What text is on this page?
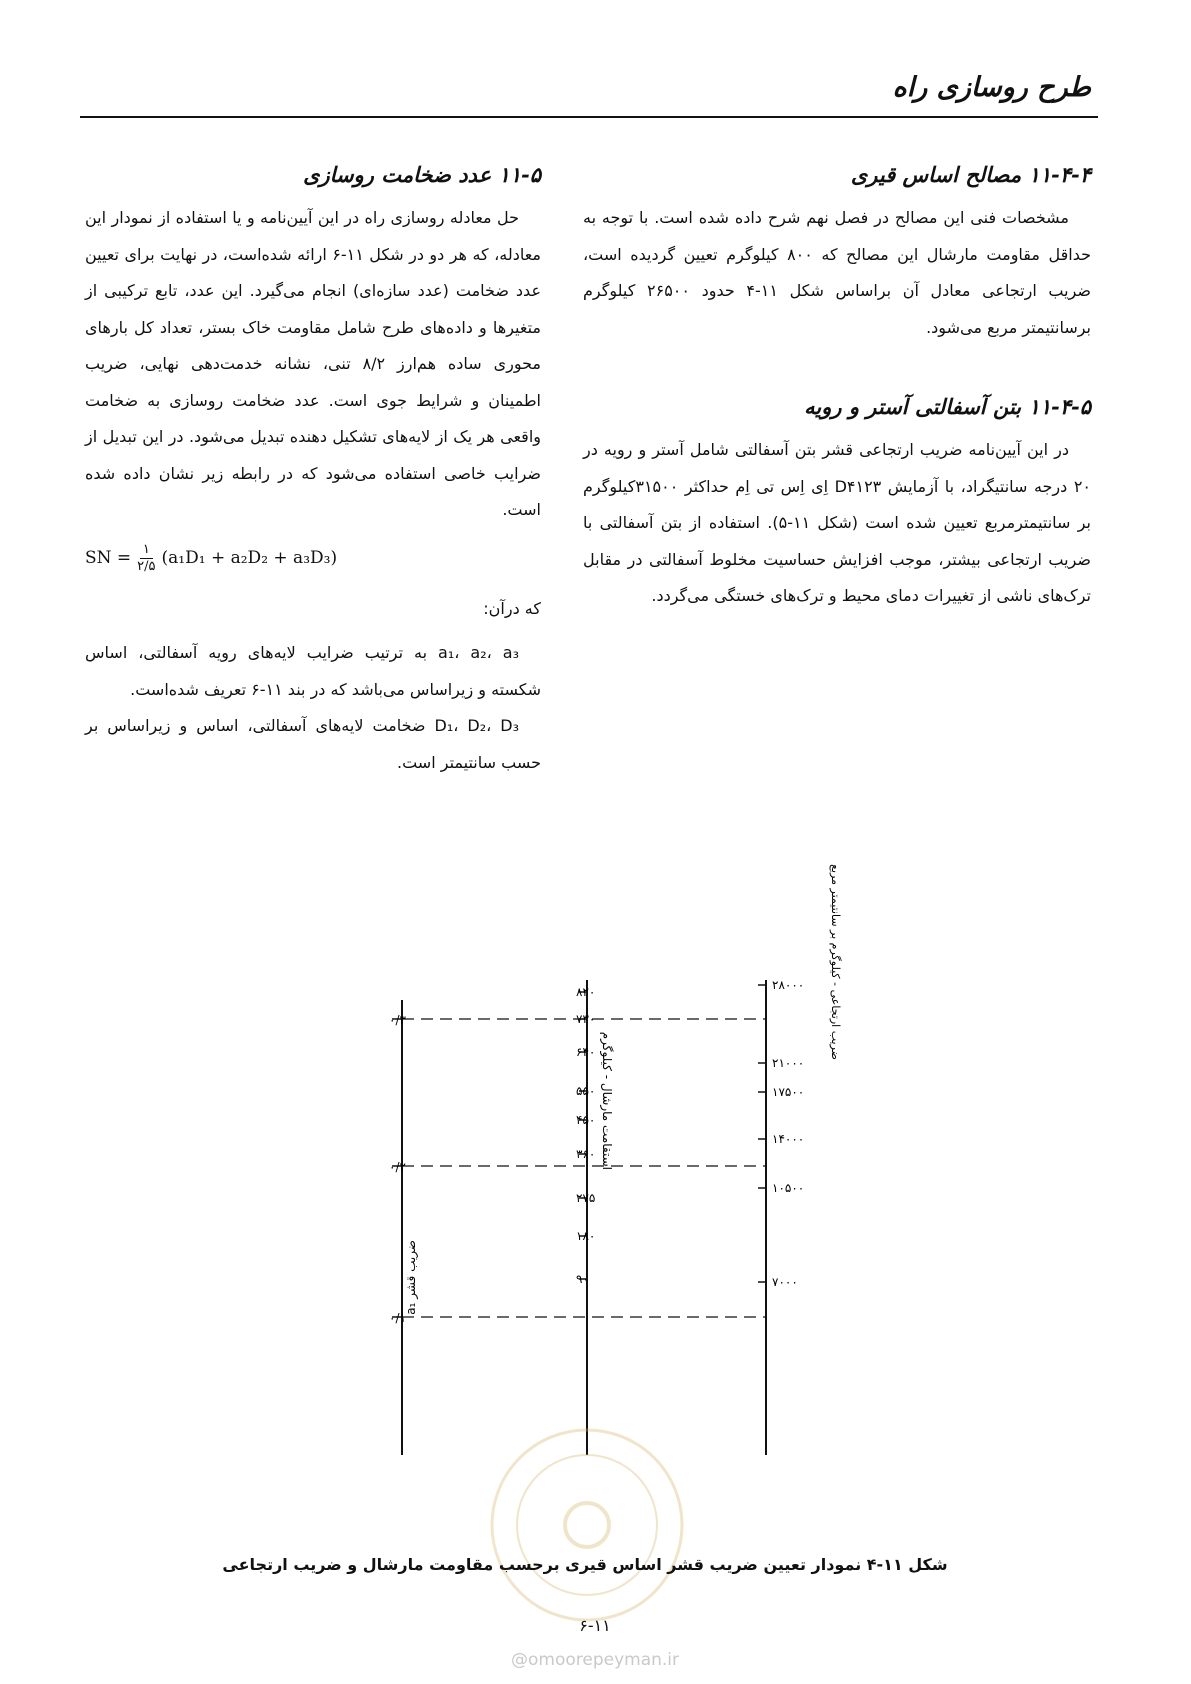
طرح روسازی راه
۱۱-۴-۴ مصالح اساس قیری

مشخصات فنی این مصالح در فصل نهم شرح داده شده است. با توجه به حداقل مقاومت مارشال این مصالح که ۸۰۰ کیلوگرم تعیین گردیده است، ضریب ارتجاعی معادل آن براساس شکل ۱۱-۴ حدود ۲۶۵۰۰ کیلوگرم برسانتیمتر مربع می‌شود.

۱۱-۴-۵ بتن آسفالتی آستر و رویه

در این آیین‌نامه ضریب ارتجاعی قشر بتن آسفالتی شامل آستر و رویه در ۲۰ درجه سانتیگراد، با آزمایش D۴۱۲۳ اِی اِس تی اِم حداکثر ۳۱۵۰۰کیلوگرم بر سانتیمترمربع تعیین شده است (شکل ۱۱-۵). استفاده از بتن آسفالتی با ضریب ارتجاعی بیشتر، موجب افزایش حساسیت مخلوط آسفالتی در مقابل ترک‌های ناشی از تغییرات دمای محیط و ترک‌های خستگی می‌گردد.

۱۱-۵ عدد ضخامت روسازی

حل معادله روسازی راه در این آیین‌نامه و یا استفاده از نمودار این معادله، که هر دو در شکل ۱۱-۶ ارائه شده‌است، در نهایت برای تعیین عدد ضخامت (عدد سازه‌ای) انجام می‌گیرد. این عدد، تابع ترکیبی از متغیرها و داده‌های طرح شامل مقاومت خاک بستر، تعداد کل بارهای محوری ساده هم‌ارز ۸/۲ تنی، نشانه خدمت‌دهی نهایی، ضریب اطمینان و شرایط جوی است. عدد ضخامت روسازی به ضخامت واقعی هر یک از لایه‌های تشکیل دهنده تبدیل می‌شود. در این تبدیل از ضرایب خاصی استفاده می‌شود که در رابطه زیر نشان داده شده است.

SN = $\frac{۱}{۲/۵} (a_1D_1 + a_2D_2 + a_3D_3)$

که درآن:

a₁، a₂، a₃ به ترتیب ضرایب لایه‌های رویه آسفالتی، اساس شکسته و زیراساس می‌باشد که در بند ۱۱-۶ تعریف شده‌است.

D₁، D₂، D₃ ضخامت لایه‌های آسفالتی، اساس و زیراساس بر حسب سانتیمتر است.

۰/۳
۰/۲
۰/۱
ضریب قشر a₁
۸۲۰
۷۳۰
۶۴۰
۵۵۰
۴۵۰
۳۶۰
۲۷۵
۱۸۰
۹۰
استقامت مارشال - کیلوگرم
۲۸۰۰۰
۲۱۰۰۰
۱۷۵۰۰
۱۴۰۰۰
۱۰۵۰۰
۷۰۰۰
ضریب ارتجاعی - کیلوگرم بر سانتیمتر مربع
شکل ۱۱-۴ نمودار تعیین ضریب قشر اساس قیری برحسب مقاومت مارشال و ضریب ارتجاعی
۶-۱۱
@omoorepeyman.ir
